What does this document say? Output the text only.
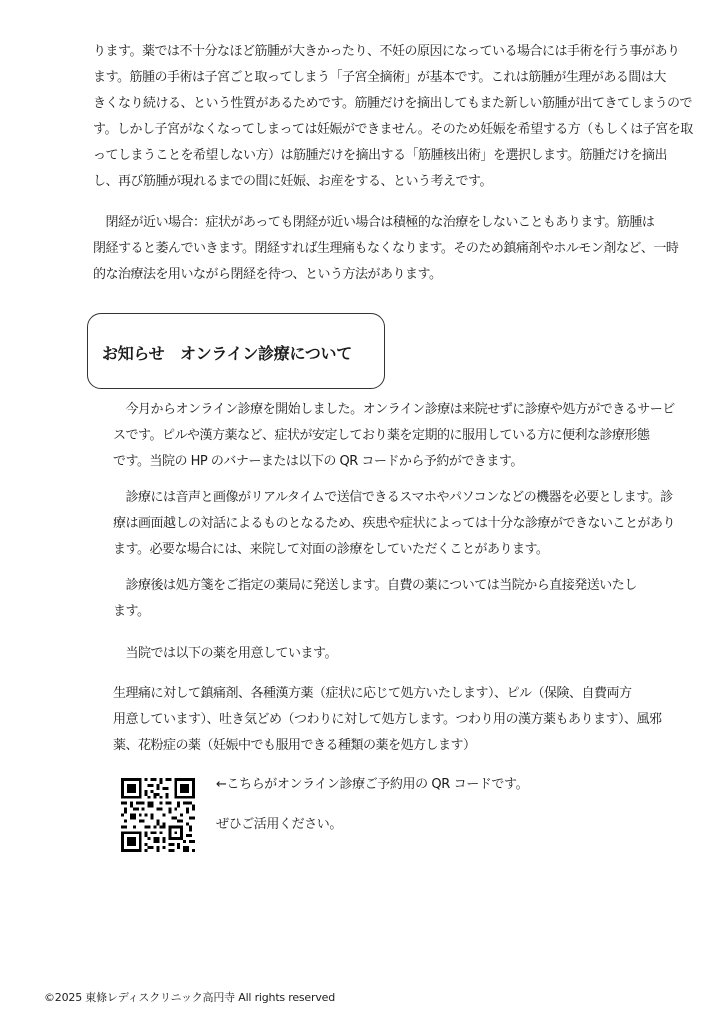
ります。薬では不十分なほど筋腫が大きかったり、不妊の原因になっている場合には手術を行う事があり
ます。筋腫の手術は子宮ごと取ってしまう「子宮全摘術」が基本です。これは筋腫が生理がある間は大
きくなり続ける、という性質があるためです。筋腫だけを摘出してもまた新しい筋腫が出てきてしまうので
す。しかし子宮がなくなってしまっては妊娠ができません。そのため妊娠を希望する方（もしくは子宮を取
ってしまうことを希望しない方）は筋腫だけを摘出する「筋腫核出術」を選択します。筋腫だけを摘出
し、再び筋腫が現れるまでの間に妊娠、お産をする、という考えです。

　閉経が近い場合：症状があっても閉経が近い場合は積極的な治療をしないこともあります。筋腫は
閉経すると萎んでいきます。閉経すれば生理痛もなくなります。そのため鎮痛剤やホルモン剤など、一時
的な治療法を用いながら閉経を待つ、という方法があります。

お知らせ　オンライン診療について

　今月からオンライン診療を開始しました。オンライン診療は来院せずに診療や処方ができるサービ
スです。ピルや漢方薬など、症状が安定しており薬を定期的に服用している方に便利な診療形態
です。当院の HP のバナーまたは以下の QR コードから予約ができます。

　診療には音声と画像がリアルタイムで送信できるスマホやパソコンなどの機器を必要とします。診
療は画面越しの対話によるものとなるため、疾患や症状によっては十分な診療ができないことがあり
ます。必要な場合には、来院して対面の診療をしていただくことがあります。

　診療後は処方箋をご指定の薬局に発送します。自費の薬については当院から直接発送いたし
ます。

　当院では以下の薬を用意しています。

生理痛に対して鎮痛剤、各種漢方薬（症状に応じて処方いたします）、ピル（保険、自費両方
用意しています）、吐き気どめ（つわりに対して処方します。つわり用の漢方薬もあります）、風邪
薬、花粉症の薬（妊娠中でも服用できる種類の薬を処方します）

←こちらがオンライン診療ご予約用の QR コードです。
ぜひご活用ください。
©2025 東條レディスクリニック高円寺 All rights reserved
